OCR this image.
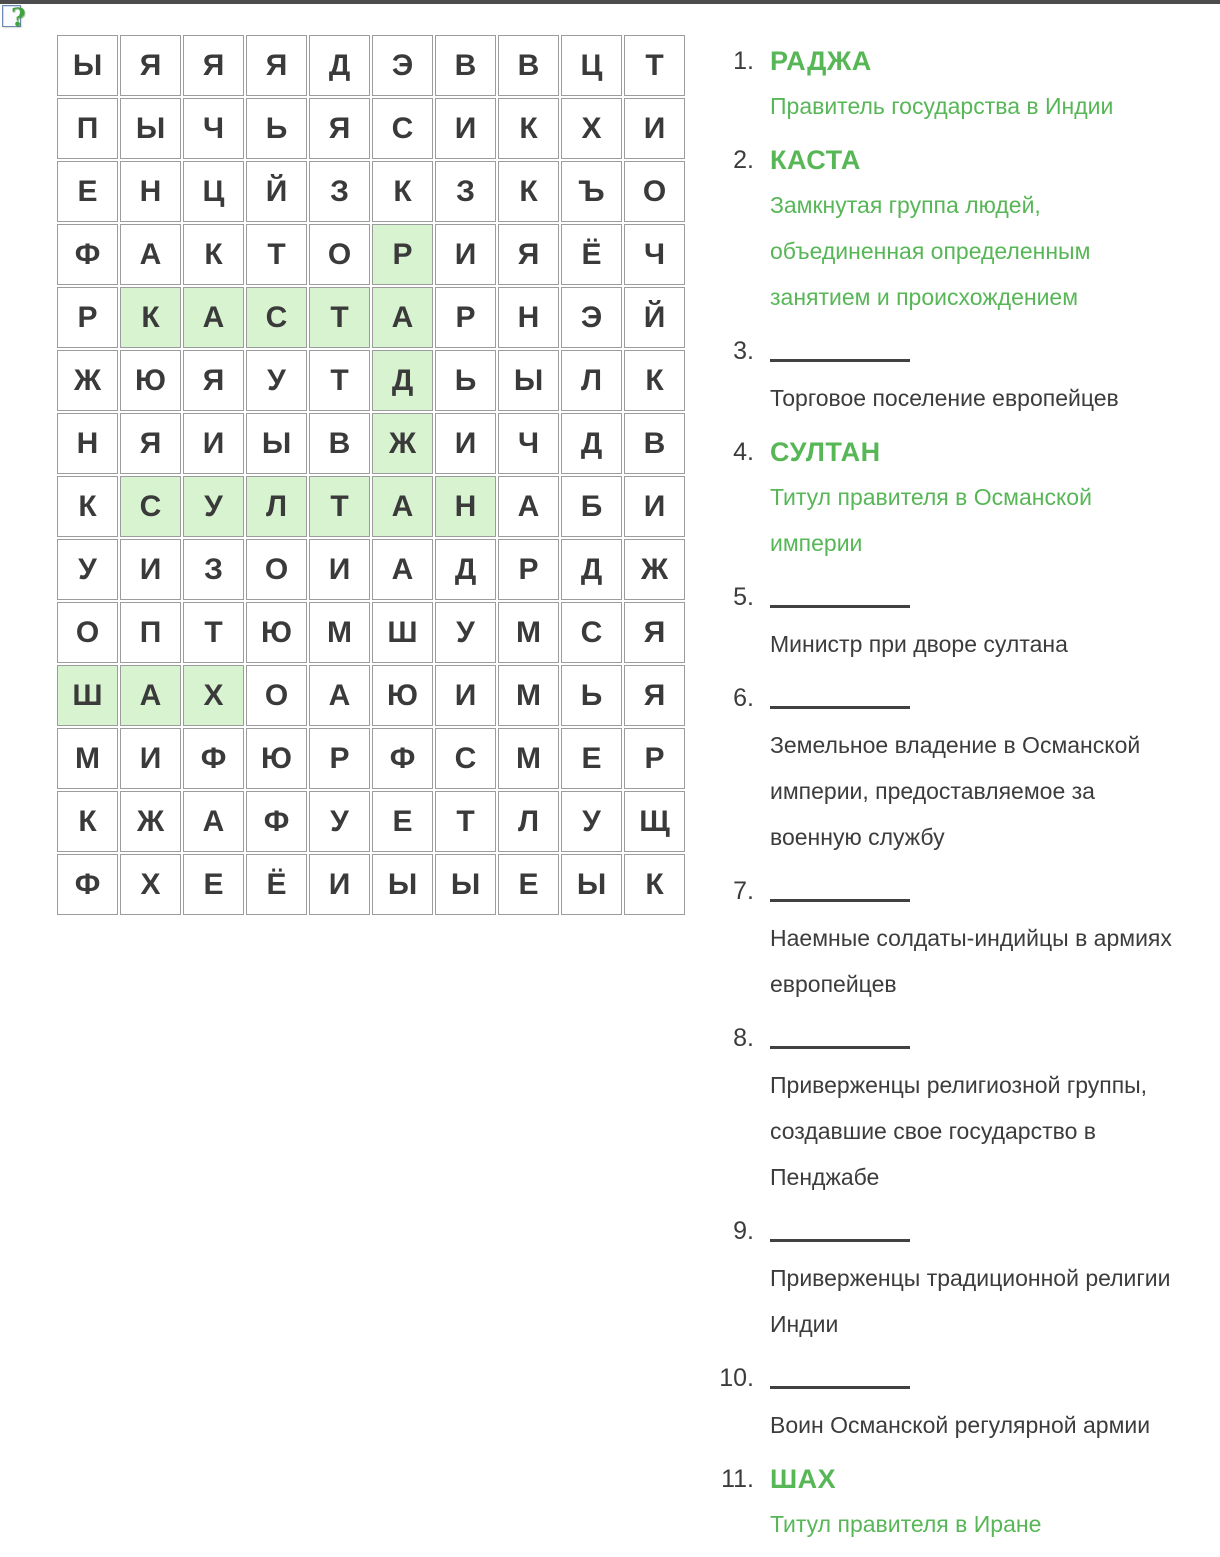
?
Ы	Я	Я	Я	Д	Э	В	В	Ц	Т
П	Ы	Ч	Ь	Я	С	И	К	Х	И
Е	Н	Ц	Й	З	К	З	К	Ъ	О
Ф	А	К	Т	О	Р	И	Я	Ё	Ч
Р	К	А	С	Т	А	Р	Н	Э	Й
Ж	Ю	Я	У	Т	Д	Ь	Ы	Л	К
Н	Я	И	Ы	В	Ж	И	Ч	Д	В
К	С	У	Л	Т	А	Н	А	Б	И
У	И	З	О	И	А	Д	Р	Д	Ж
О	П	Т	Ю	М	Ш	У	М	С	Я
Ш	А	Х	О	А	Ю	И	М	Ь	Я
М	И	Ф	Ю	Р	Ф	С	М	Е	Р
К	Ж	А	Ф	У	Е	Т	Л	У	Щ
Ф	Х	Е	Ё	И	Ы	Ы	Е	Ы	К
1. РАДЖА
Правитель государства в Индии
2. КАСТА
Замкнутая группа людей, объединенная определенным занятием и происхождением
3.
Торговое поселение европейцев
4. СУЛТАН
Титул правителя в Османской империи
5.
Министр при дворе султана
6.
Земельное владение в Османской империи, предоставляемое за военную службу
7.
Наемные солдаты-индийцы в армиях европейцев
8.
Приверженцы религиозной группы, создавшие свое государство в Пенджабе
9.
Приверженцы традиционной религии Индии
10.
Воин Османской регулярной армии
11. ШАХ
Титул правителя в Иране
